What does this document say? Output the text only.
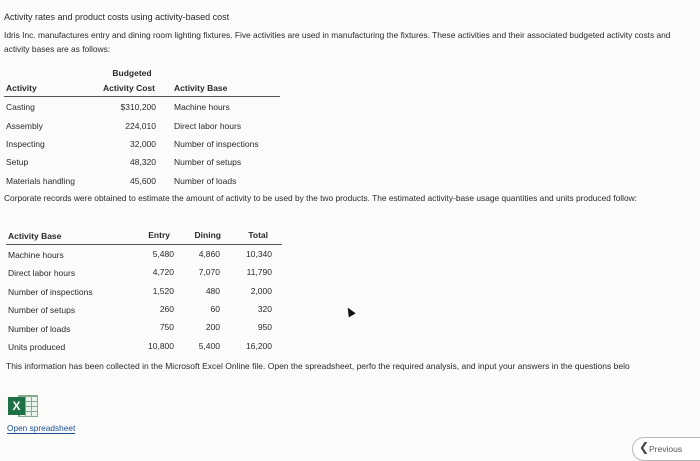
Activity rates and product costs using activity-based cost
Idris Inc. manufactures entry and dining room lighting fixtures. Five activities are used in manufacturing the fixtures. These activities and their associated budgeted activity costs and activity bases are as follows:
Budgeted
Activity	Activity Cost Activity Base
Casting	$310,200 Machine hours
Assembly	224,010 Direct labor hours
Inspecting	32,000 Number of inspections
Setup	48,320 Number of setups
Materials handling	45,600 Number of loads
Corporate records were obtained to estimate the amount of activity to be used by the two products. The estimated activity-base usage quantities and units produced follow:
Activity Base	Entry	Dining	Total
Machine hours	5,480	4,860	10,340
Direct labor hours	4,720	7,070	11,790
Number of inspections	1,520	480	2,000
Number of setups	260	60	320
Number of loads	750	200	950
Units produced	10,800	5,400	16,200
This information has been collected in the Microsoft Excel Online file. Open the spreadsheet, perfo the required analysis, and input your answers in the questions belo
X
Open spreadsheet
❮ Previous
